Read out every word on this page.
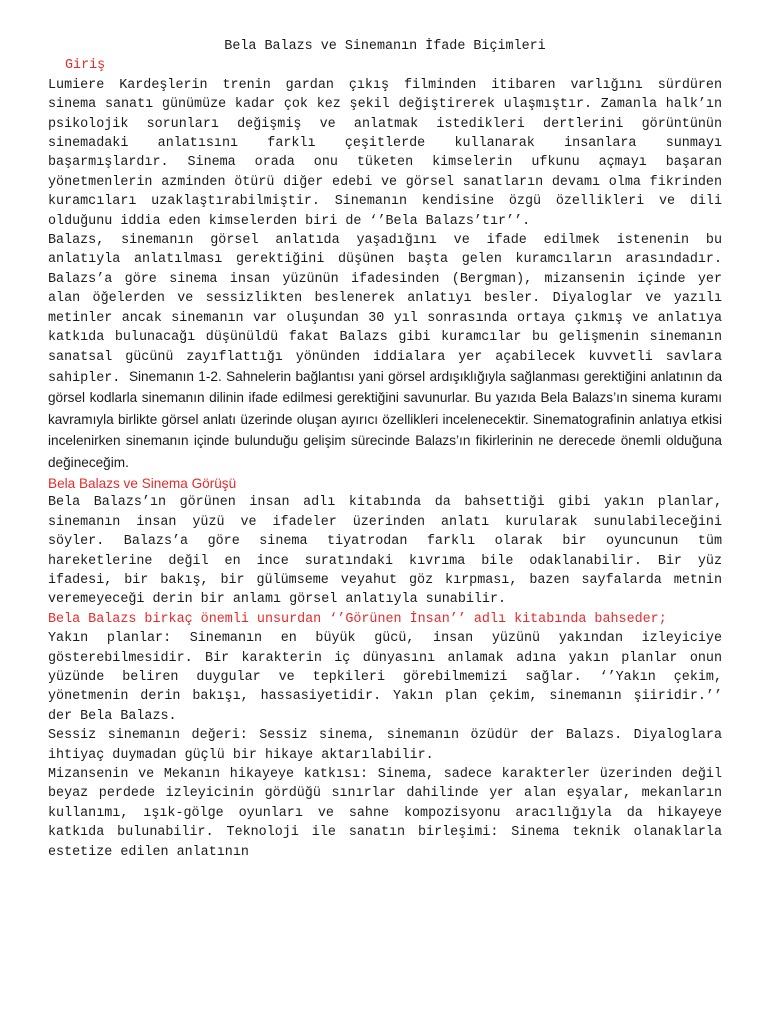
Bela Balazs ve Sinemanın İfade Biçimleri

Giriş

Lumiere Kardeşlerin trenin gardan çıkış filminden itibaren varlığını sürdüren sinema sanatı günümüze kadar çok kez şekil değiştirerek ulaşmıştır. Zamanla halk’ın psikolojik sorunları değişmiş ve anlatmak istedikleri dertlerini görüntünün sinemadaki anlatısını farklı çeşitlerde kullanarak insanlara sunmayı başarmışlardır. Sinema orada onu tüketen kimselerin ufkunu açmayı başaran yönetmenlerin azminden ötürü diğer edebi ve görsel sanatların devamı olma fikrinden kuramcıları uzaklaştırabilmiştir. Sinemanın kendisine özgü özellikleri ve dili olduğunu iddia eden kimselerden biri de ‘’Bela Balazs’tır’’.

Balazs, sinemanın görsel anlatıda yaşadığını ve ifade edilmek istenenin bu anlatıyla anlatılması gerektiğini düşünen başta gelen kuramcıların arasındadır. Balazs’a göre sinema insan yüzünün ifadesinden (Bergman), mizansenin içinde yer alan öğelerden ve sessizlikten beslenerek anlatıyı besler. Diyaloglar ve yazılı metinler ancak sinemanın var oluşundan 30 yıl sonrasında ortaya çıkmış ve anlatıya katkıda bulunacağı düşünüldü fakat Balazs gibi kuramcılar bu gelişmenin sinemanın sanatsal gücünü zayıflattığı yönünden iddialara yer açabilecek kuvvetli savlara sahipler. Sinemanın 1-2. Sahnelerin bağlantısı yani görsel ardışıklığıyla sağlanması gerektiğini anlatının da görsel kodlarla sinemanın dilinin ifade edilmesi gerektiğini savunurlar. Bu yazıda Bela Balazs’ın sinema kuramı kavramıyla birlikte görsel anlatı üzerinde oluşan ayırıcı özellikleri incelenecektir. Sinematografinin anlatıya etkisi incelenirken sinemanın içinde bulunduğu gelişim sürecinde Balazs’ın fikirlerinin ne derecede önemli olduğuna değineceğim.

Bela Balazs ve Sinema Görüşü

Bela Balazs’ın görünen insan adlı kitabında da bahsettiği gibi yakın planlar, sinemanın insan yüzü ve ifadeler üzerinden anlatı kurularak sunulabileceğini söyler. Balazs’a göre sinema tiyatrodan farklı olarak bir oyuncunun tüm hareketlerine değil en ince suratındaki kıvrıma bile odaklanabilir. Bir yüz ifadesi, bir bakış, bir gülümseme veyahut göz kırpması, bazen sayfalarda metnin veremeyeceği derin bir anlamı görsel anlatıyla sunabilir.

Bela Balazs birkaç önemli unsurdan ‘’Görünen İnsan’’ adlı kitabında bahseder;

Yakın planlar: Sinemanın en büyük gücü, insan yüzünü yakından izleyiciye gösterebilmesidir. Bir karakterin iç dünyasını anlamak adına yakın planlar onun yüzünde beliren duygular ve tepkileri görebilmemizi sağlar. ‘’Yakın çekim, yönetmenin derin bakışı, hassasiyetidir. Yakın plan çekim, sinemanın şiiridir.’’ der Bela Balazs.

Sessiz sinemanın değeri: Sessiz sinema, sinemanın özüdür der Balazs. Diyaloglara ihtiyaç duymadan güçlü bir hikaye aktarılabilir.

Mizansenin ve Mekanın hikayeye katkısı: Sinema, sadece karakterler üzerinden değil beyaz perdede izleyicinin gördüğü sınırlar dahilinde yer alan eşyalar, mekanların kullanımı, ışık-gölge oyunları ve sahne kompozisyonu aracılığıyla da hikayeye katkıda bulunabilir. Teknoloji ile sanatın birleşimi: Sinema teknik olanaklarla estetize edilen anlatının
